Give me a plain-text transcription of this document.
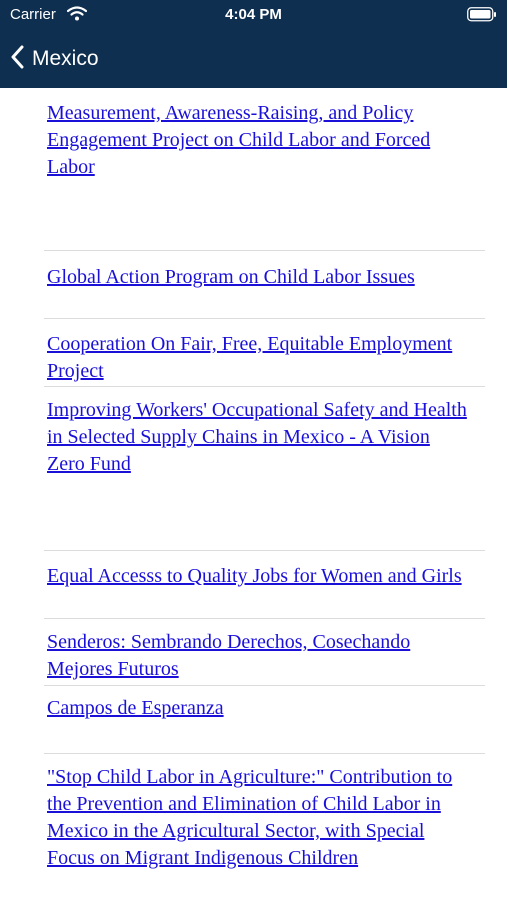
Carrier	4:04 PM
Mexico
Measurement, Awareness-Raising, and Policy Engagement Project on Child Labor and Forced Labor
Global Action Program on Child Labor Issues
Cooperation On Fair, Free, Equitable Employment Project
Improving Workers' Occupational Safety and Health in Selected Supply Chains in Mexico - A Vision Zero Fund
Equal Accesss to Quality Jobs for Women and Girls
Senderos: Sembrando Derechos, Cosechando Mejores Futuros
Campos de Esperanza
"Stop Child Labor in Agriculture:" Contribution to the Prevention and Elimination of Child Labor in Mexico in the Agricultural Sector, with Special Focus on Migrant Indigenous Children
